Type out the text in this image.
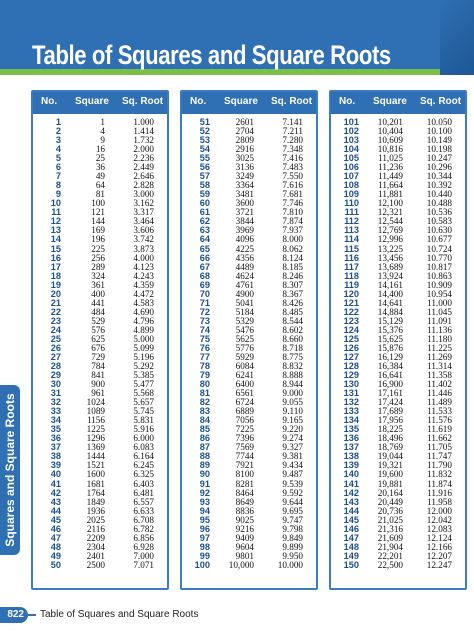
Table of Squares and Square Roots
Squares and Square Roots
No. Square Sq. Root
1	1	1.000
2	4	1.414
3	9	1.732
4	16	2.000
5	25	2.236
6	36	2.449
7	49	2.646
8	64	2.828
9	81	3.000
10	100	3.162
11	121	3.317
12	144	3.464
13	169	3.606
14	196	3.742
15	225	3.873
16	256	4.000
17	289	4.123
18	324	4.243
19	361	4.359
20	400	4.472
21	441	4.583
22	484	4.690
23	529	4.796
24	576	4.899
25	625	5.000
26	676	5.099
27	729	5.196
28	784	5.292
29	841	5.385
30	900	5.477
31	961	5.568
32	1024	5.657
33	1089	5.745
34	1156	5.831
35	1225	5.916
36	1296	6.000
37	1369	6.083
38	1444	6.164
39	1521	6.245
40	1600	6.325
41	1681	6.403
42	1764	6.481
43	1849	6.557
44	1936	6.633
45	2025	6.708
46	2116	6.782
47	2209	6.856
48	2304	6.928
49	2401	7.000
50	2500	7.071
No. Square Sq. Root
51	2601	7.141
52	2704	7.211
53	2809	7.280
54	2916	7.348
55	3025	7.416
56	3136	7.483
57	3249	7.550
58	3364	7.616
59	3481	7.681
60	3600	7.746
61	3721	7.810
62	3844	7.874
63	3969	7.937
64	4096	8.000
65	4225	8.062
66	4356	8.124
67	4489	8.185
68	4624	8.246
69	4761	8.307
70	4900	8.367
71	5041	8.426
72	5184	8.485
73	5329	8.544
74	5476	8.602
75	5625	8.660
76	5776	8.718
77	5929	8.775
78	6084	8.832
79	6241	8.888
80	6400	8.944
81	6561	9.000
82	6724	9.055
83	6889	9.110
84	7056	9.165
85	7225	9.220
86	7396	9.274
87	7569	9.327
88	7744	9.381
89	7921	9.434
90	8100	9.487
91	8281	9.539
92	8464	9.592
93	8649	9.644
94	8836	9.695
95	9025	9.747
96	9216	9.798
97	9409	9.849
98	9604	9.899
99	9801	9.950
100	10,000	10.000
No. Square Sq. Root
101	10,201	10.050
102	10,404	10.100
103	10,609	10.149
104	10,816	10.198
105	11,025	10.247
106	11,236	10.296
107	11,449	10.344
108	11,664	10.392
109	11,881	10.440
110	12,100	10.488
111	12,321	10.536
112	12,544	10.583
113	12,769	10.630
114	12,996	10.677
115	13,225	10.724
116	13,456	10.770
117	13,689	10.817
118	13,924	10.863
119	14,161	10.909
120	14,400	10.954
121	14,641	11.000
122	14,884	11.045
123	15,129	11.091
124	15,376	11.136
125	15,625	11.180
126	15,876	11.225
127	16,129	11.269
128	16,384	11.314
129	16,641	11.358
130	16,900	11.402
131	17,161	11.446
132	17,424	11.489
133	17,689	11.533
134	17,956	11.576
135	18,225	11.619
136	18,496	11.662
137	18,769	11.705
138	19,044	11.747
139	19,321	11.790
140	19,600	11.832
141	19,881	11.874
142	20,164	11.916
143	20,449	11.958
144	20,736	12.000
145	21,025	12.042
146	21,316	12.083
147	21,609	12.124
148	21,904	12.166
149	22,201	12.207
150	22,500	12.247
822	Table of Squares and Square Roots
